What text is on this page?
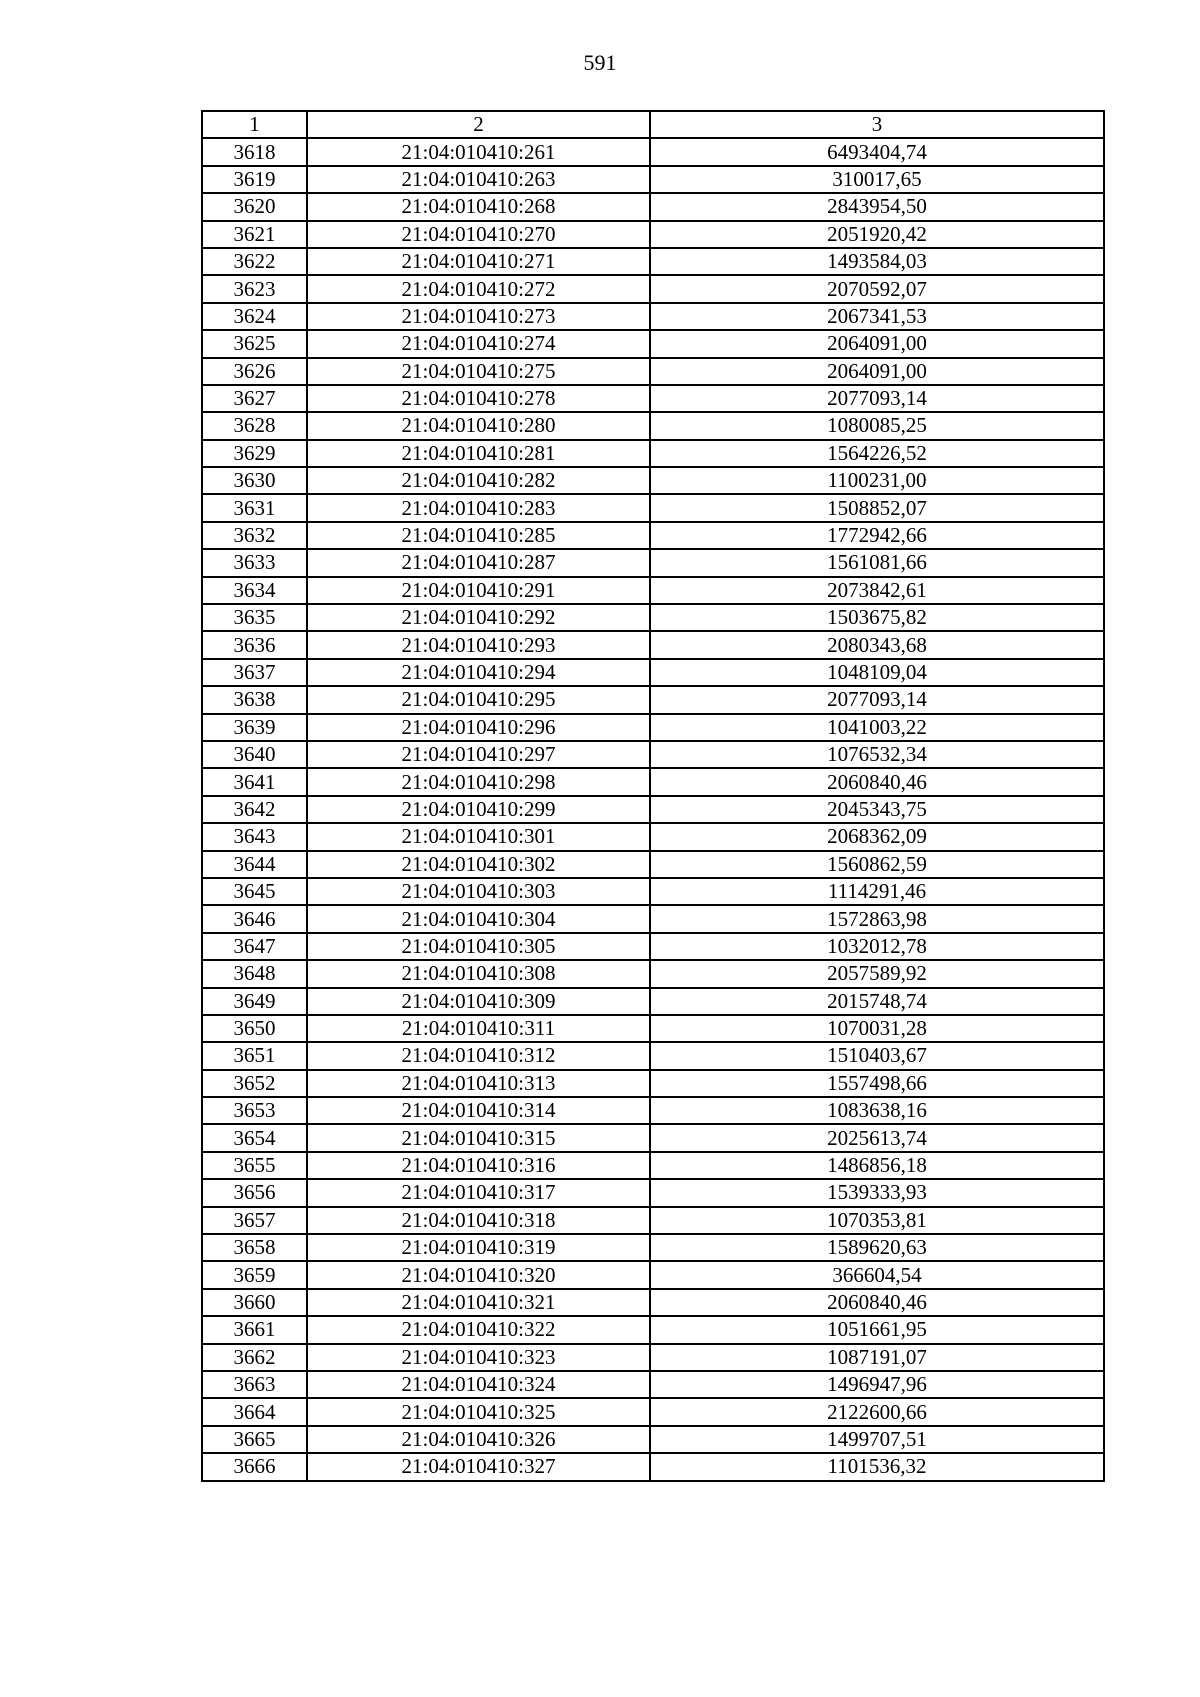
591
1	2	3
3618	21:04:010410:261	6493404,74
3619	21:04:010410:263	310017,65
3620	21:04:010410:268	2843954,50
3621	21:04:010410:270	2051920,42
3622	21:04:010410:271	1493584,03
3623	21:04:010410:272	2070592,07
3624	21:04:010410:273	2067341,53
3625	21:04:010410:274	2064091,00
3626	21:04:010410:275	2064091,00
3627	21:04:010410:278	2077093,14
3628	21:04:010410:280	1080085,25
3629	21:04:010410:281	1564226,52
3630	21:04:010410:282	1100231,00
3631	21:04:010410:283	1508852,07
3632	21:04:010410:285	1772942,66
3633	21:04:010410:287	1561081,66
3634	21:04:010410:291	2073842,61
3635	21:04:010410:292	1503675,82
3636	21:04:010410:293	2080343,68
3637	21:04:010410:294	1048109,04
3638	21:04:010410:295	2077093,14
3639	21:04:010410:296	1041003,22
3640	21:04:010410:297	1076532,34
3641	21:04:010410:298	2060840,46
3642	21:04:010410:299	2045343,75
3643	21:04:010410:301	2068362,09
3644	21:04:010410:302	1560862,59
3645	21:04:010410:303	1114291,46
3646	21:04:010410:304	1572863,98
3647	21:04:010410:305	1032012,78
3648	21:04:010410:308	2057589,92
3649	21:04:010410:309	2015748,74
3650	21:04:010410:311	1070031,28
3651	21:04:010410:312	1510403,67
3652	21:04:010410:313	1557498,66
3653	21:04:010410:314	1083638,16
3654	21:04:010410:315	2025613,74
3655	21:04:010410:316	1486856,18
3656	21:04:010410:317	1539333,93
3657	21:04:010410:318	1070353,81
3658	21:04:010410:319	1589620,63
3659	21:04:010410:320	366604,54
3660	21:04:010410:321	2060840,46
3661	21:04:010410:322	1051661,95
3662	21:04:010410:323	1087191,07
3663	21:04:010410:324	1496947,96
3664	21:04:010410:325	2122600,66
3665	21:04:010410:326	1499707,51
3666	21:04:010410:327	1101536,32
